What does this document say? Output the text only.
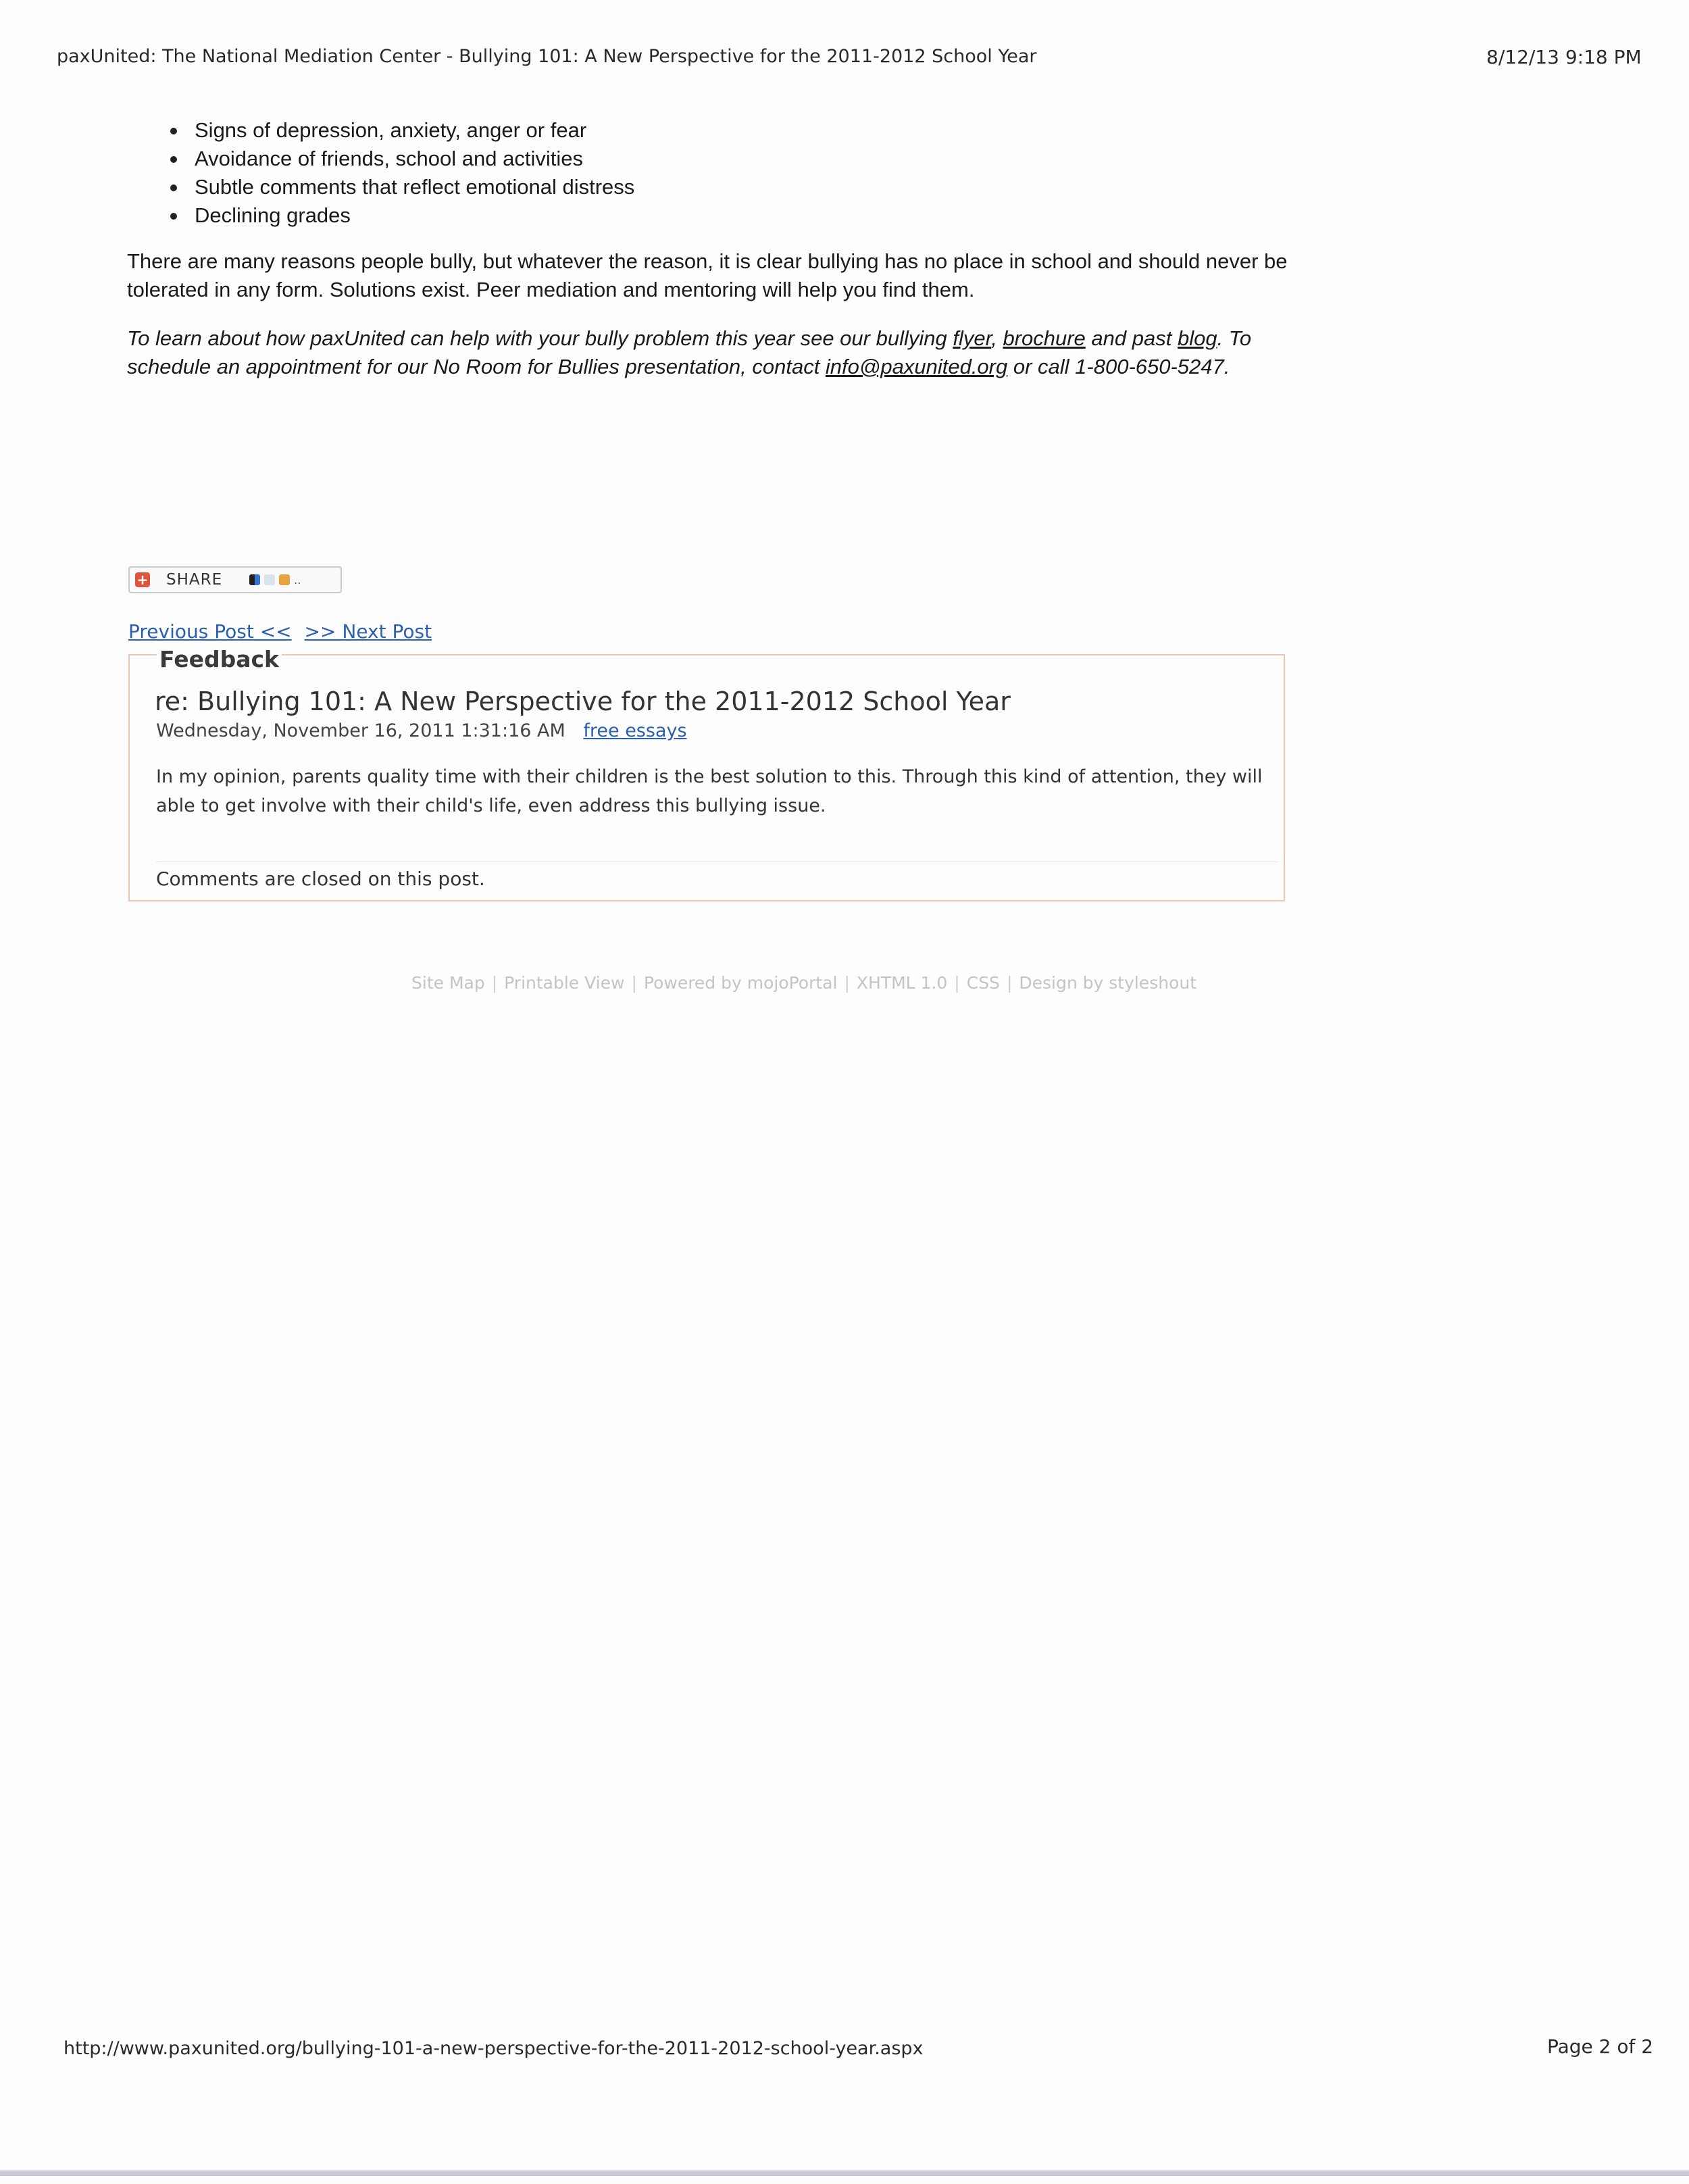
paxUnited: The National Mediation Center - Bullying 101: A New Perspective for the 2011-2012 School Year	8/12/13 9:18 PM
Signs of depression, anxiety, anger or fear
Avoidance of friends, school and activities
Subtle comments that reflect emotional distress
Declining grades

There are many reasons people bully, but whatever the reason, it is clear bullying has no place in school and should never be tolerated in any form. Solutions exist. Peer mediation and mentoring will help you find them.

To learn about how paxUnited can help with your bully problem this year see our bullying flyer, brochure and past blog. To schedule an appointment for our No Room for Bullies presentation, contact info@paxunited.org or call 1-800-650-5247.

+ SHARE	..
Previous Post << >> Next Post
Feedback
re: Bullying 101: A New Perspective for the 2011-2012 School Year
Wednesday, November 16, 2011 1:31:16 AM free essays
In my opinion, parents quality time with their children is the best solution to this. Through this kind of attention, they will able to get involve with their child's life, even address this bullying issue.
Comments are closed on this post.
Site Map | Printable View | Powered by mojoPortal | XHTML 1.0 | CSS | Design by styleshout
http://www.paxunited.org/bullying-101-a-new-perspective-for-the-2011-2012-school-year.aspx	Page 2 of 2
